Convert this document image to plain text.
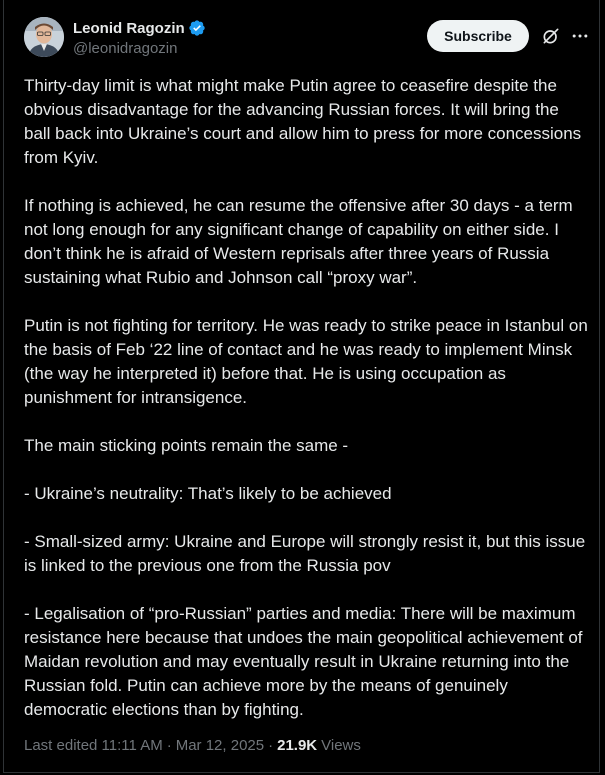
Leonid Ragozin
@leonidragozin
Subscribe

Thirty-day limit is what might make Putin agree to ceasefire despite the obvious disadvantage for the advancing Russian forces. It will bring the ball back into Ukraine’s court and allow him to press for more concessions from Kyiv.

If nothing is achieved, he can resume the offensive after 30 days - a term not long enough for any significant change of capability on either side. I don’t think he is afraid of Western reprisals after three years of Russia sustaining what Rubio and Johnson call “proxy war”.

Putin is not fighting for territory. He was ready to strike peace in Istanbul on the basis of Feb ‘22 line of contact and he was ready to implement Minsk (the way he interpreted it) before that. He is using occupation as punishment for intransigence.

The main sticking points remain the same -

- Ukraine’s neutrality: That’s likely to be achieved

- Small-sized army: Ukraine and Europe will strongly resist it, but this issue is linked to the previous one from the Russia pov

- Legalisation of “pro-Russian” parties and media: There will be maximum resistance here because that undoes the main geopolitical achievement of Maidan revolution and may eventually result in Ukraine returning into the Russian fold. Putin can achieve more by the means of genuinely democratic elections than by fighting.

Last edited 11:11 AM · Mar 12, 2025 · 21.9K Views
